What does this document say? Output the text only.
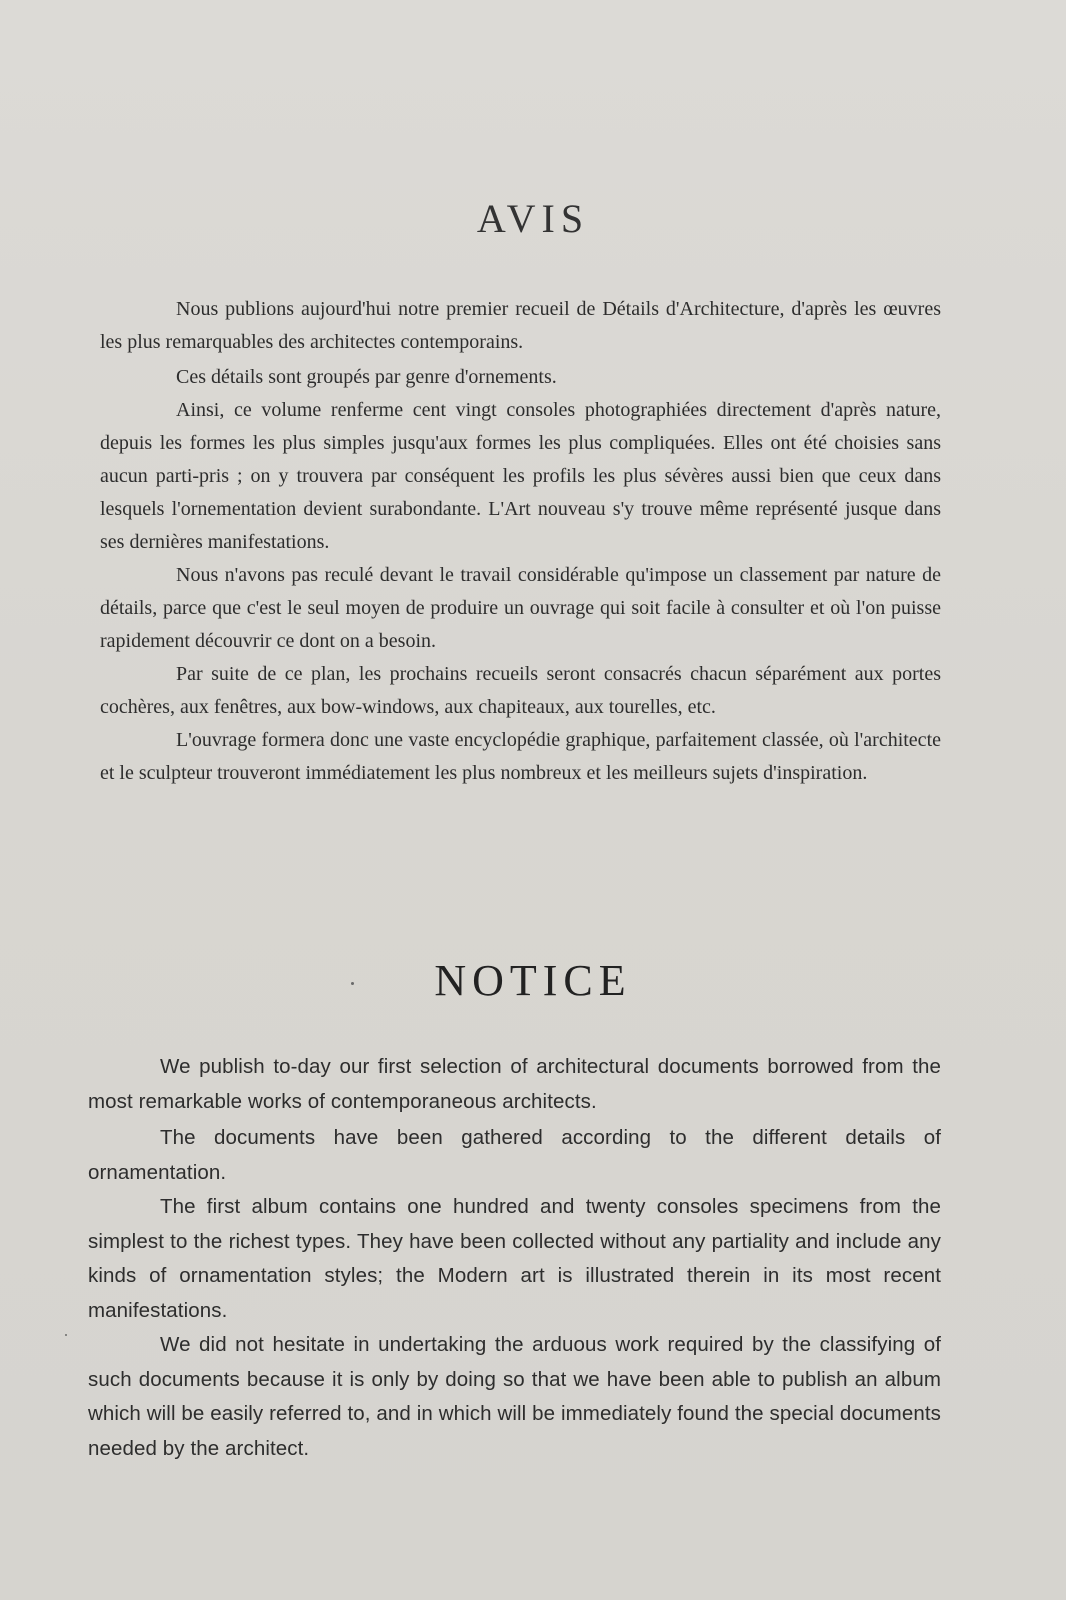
AVIS

Nous publions aujourd'hui notre premier recueil de Détails d'Architecture, d'après les œuvres les plus remarquables des architectes contemporains.

Ces détails sont groupés par genre d'ornements.

Ainsi, ce volume renferme cent vingt consoles photographiées directement d'après nature, depuis les formes les plus simples jusqu'aux formes les plus compliquées. Elles ont été choisies sans aucun parti-pris ; on y trouvera par conséquent les profils les plus sévères aussi bien que ceux dans lesquels l'ornementation devient surabondante. L'Art nouveau s'y trouve même représenté jusque dans ses dernières manifestations.

Nous n'avons pas reculé devant le travail considérable qu'impose un classement par nature de détails, parce que c'est le seul moyen de produire un ouvrage qui soit facile à consulter et où l'on puisse rapidement découvrir ce dont on a besoin.

Par suite de ce plan, les prochains recueils seront consacrés chacun séparément aux portes cochères, aux fenêtres, aux bow-windows, aux chapiteaux, aux tourelles, etc.

L'ouvrage formera donc une vaste encyclopédie graphique, parfaitement classée, où l'architecte et le sculpteur trouveront immédiatement les plus nombreux et les meilleurs sujets d'inspiration.

NOTICE

We publish to-day our first selection of architectural documents borrowed from the most remarkable works of contemporaneous architects.

The documents have been gathered according to the different details of ornamentation.

The first album contains one hundred and twenty consoles specimens from the simplest to the richest types. They have been collected without any partiality and include any kinds of ornamentation styles; the Modern art is illustrated therein in its most recent manifestations.

We did not hesitate in undertaking the arduous work required by the classifying of such documents because it is only by doing so that we have been able to publish an album which will be easily referred to, and in which will be immediately found the special documents needed by the architect.
